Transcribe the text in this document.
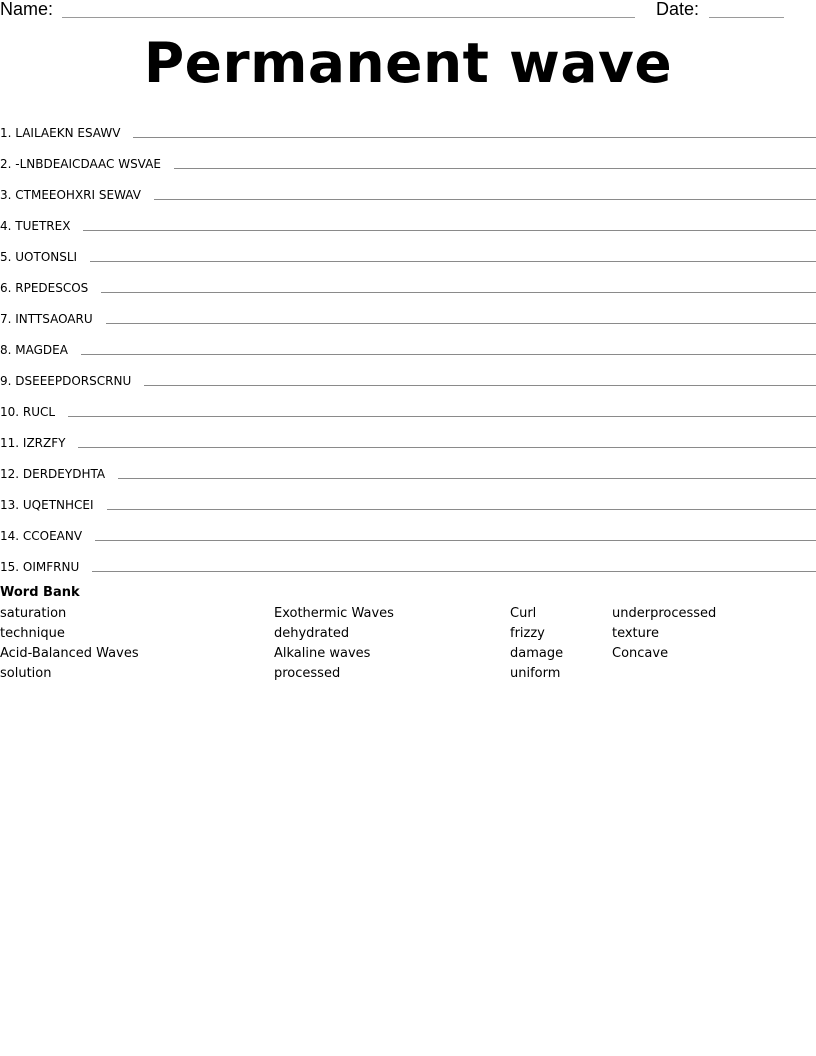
Name:	Date:
Permanent wave
1. LAILAEKN ESAWV
2. -LNBDEAICDAAC WSVAE
3. CTMEEOHXRI SEWAV
4. TUETREX
5. UOTONSLI
6. RPEDESCOS
7. INTTSAOARU
8. MAGDEA
9. DSEEEPDORSCRNU
10. RUCL
11. IZRZFY
12. DERDEYDHTA
13. UQETNHCEI
14. CCOEANV
15. OIMFRNU
Word Bank
saturation
technique
Acid-Balanced Waves
solution
Exothermic Waves
dehydrated
Alkaline waves
processed
Curl
frizzy
damage
uniform
underprocessed
texture
Concave
